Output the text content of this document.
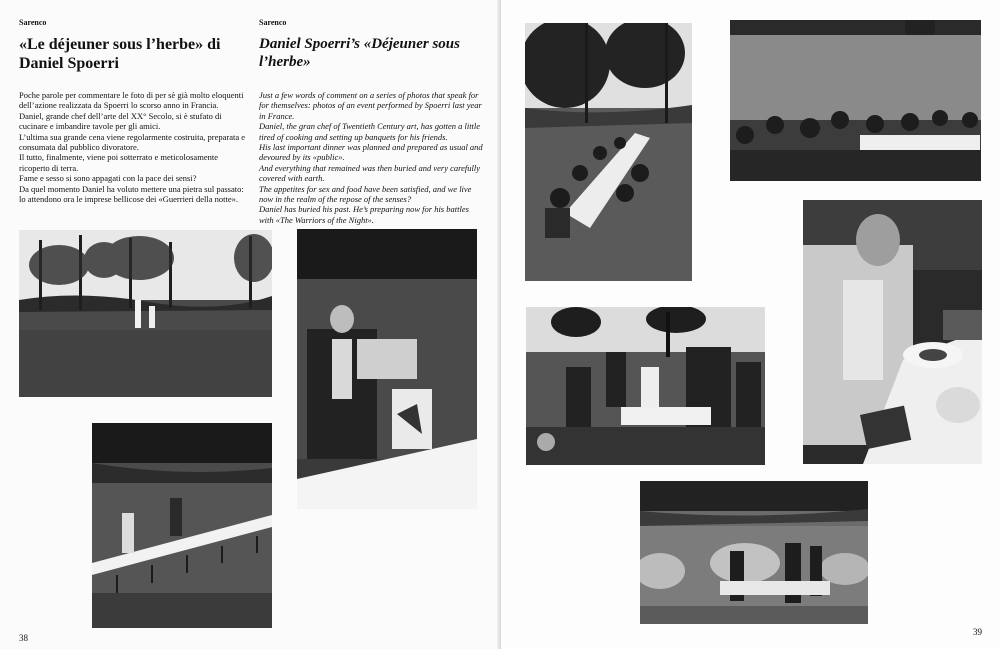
Sarenco	Sarenco
«Le déjeuner sous l’herbe» di Daniel Spoerri
Daniel Spoerri’s «Déjeuner sous l’herbe»

Poche parole per commentare le foto di per sè già molto eloquenti dell’azione realizzata da Spoerri lo scorso anno in Francia.

Daniel, grande chef dell’arte del XX° Secolo, si è stufato di cucinare e imbandire tavole per gli amici.

L’ultima sua grande cena viene regolarmente costruita, preparata e consumata dal pubblico divoratore.

Il tutto, finalmente, viene poi sotterrato e meticolosamente ricoperto di terra.

Fame e sesso si sono appagati con la pace dei sensi?

Da quel momento Daniel ha voluto mettere una pietra sul passato: lo attendono ora le imprese bellicose dei «Guerrieri della notte».

Just a few words of comment on a series of photos that speak for for themselves: photos of an event performed by Spoerri last year in France.

Daniel, the gran chef of Twentieth Century art, has gotten a little tired of cooking and setting up banquets for his friends.

His last important dinner was planned and prepared as usual and devoured by its «public».

And everything that remained was then buried and very carefully covered with earth.

The appetites for sex and food have been satisfied, and we live now in the realm of the repose of the senses?

Daniel has buried his past. He’s preparing now for his battles with «The Warriors of the Night».

38
39
